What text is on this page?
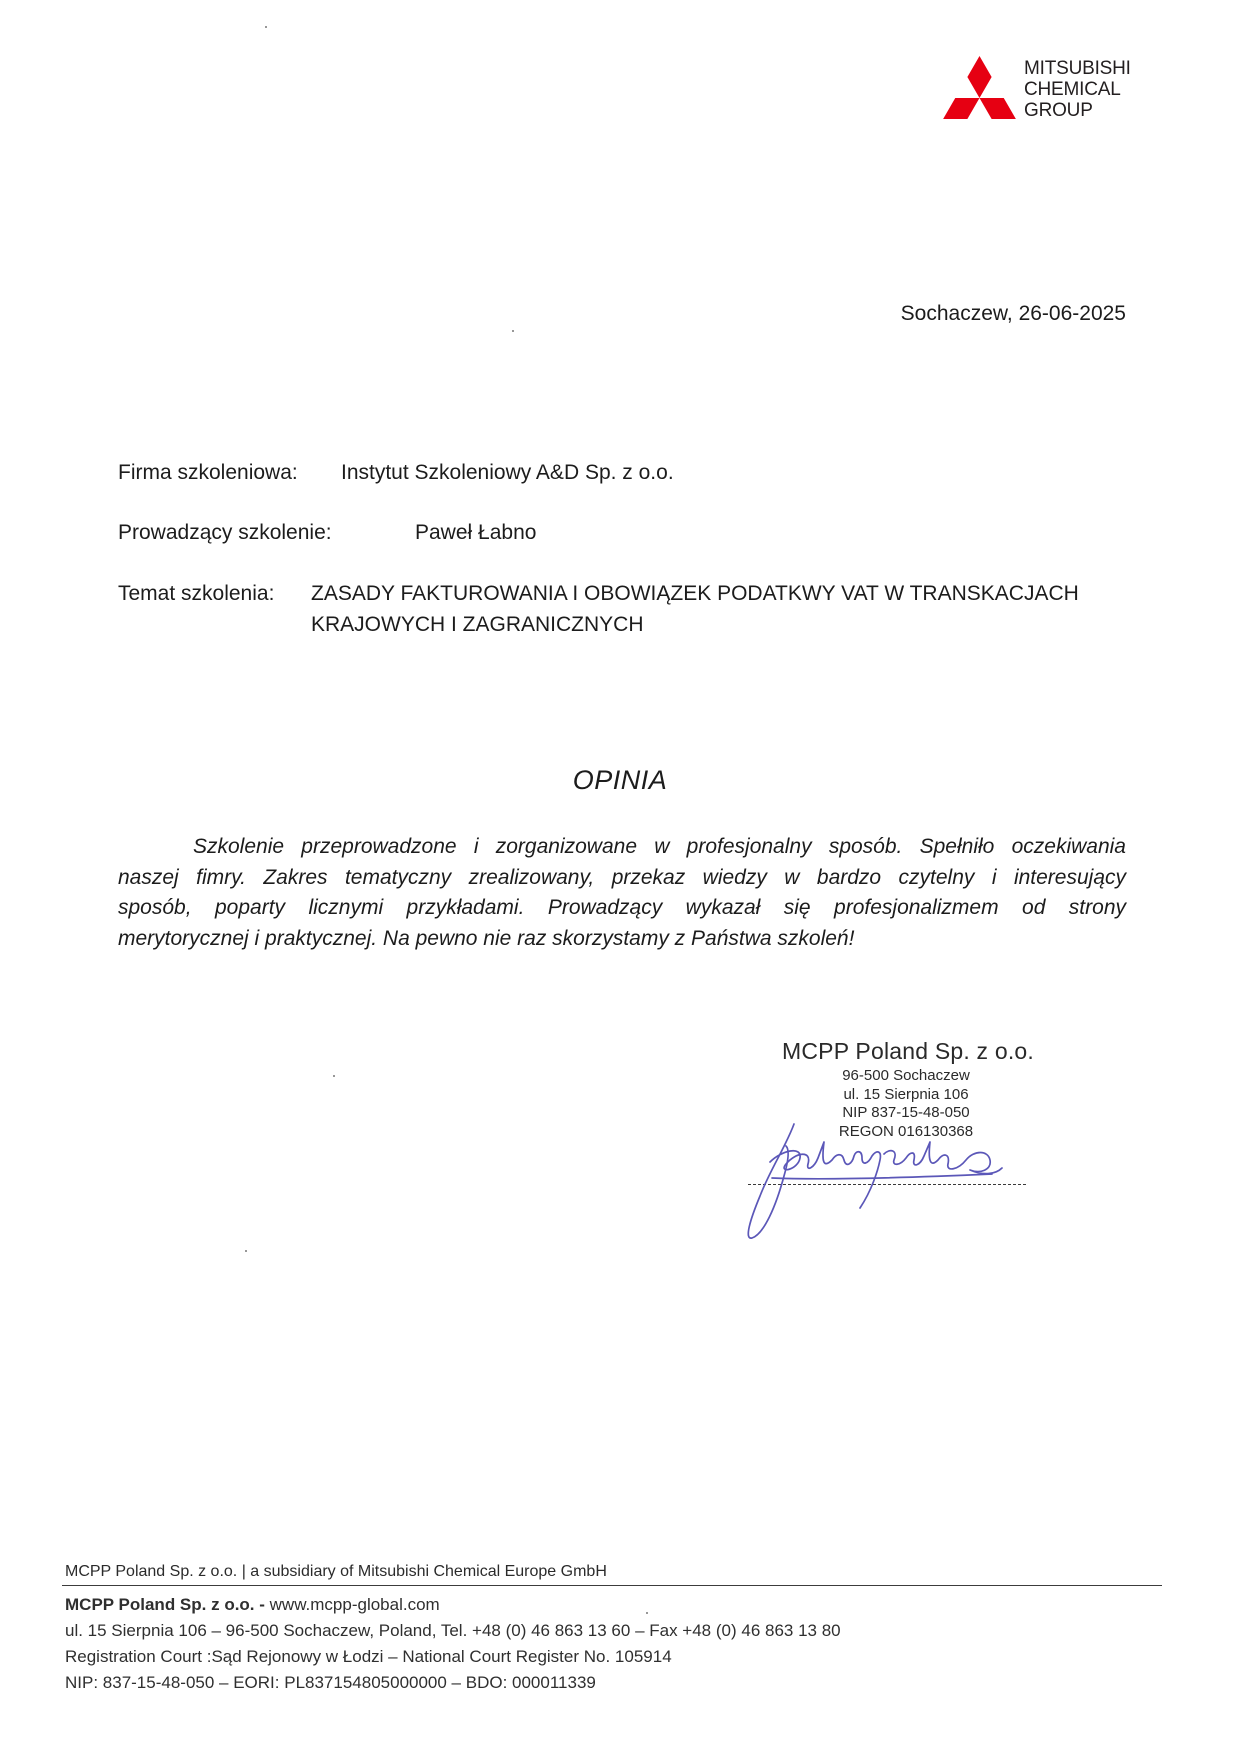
MITSUBISHI
CHEMICAL
GROUP
Sochaczew, 26-06-2025
Firma szkoleniowa: Instytut Szkoleniowy A&D Sp. z o.o.
Prowadzący szkolenie:	Paweł Łabno
Temat szkolenia: ZASADY FAKTUROWANIA I OBOWIĄZEK PODATKWY VAT W TRANSKACJACH
KRAJOWYCH I ZAGRANICZNYCH
OPINIA
Szkolenie przeprowadzone i zorganizowane w profesjonalny sposób. Spełniło oczekiwania
naszej fimry. Zakres tematyczny zrealizowany, przekaz wiedzy w bardzo czytelny i interesujący
sposób, poparty licznymi przykładami. Prowadzący wykazał się profesjonalizmem od strony
merytorycznej i praktycznej. Na pewno nie raz skorzystamy z Państwa szkoleń!
MCPP Poland Sp. z o.o.
96-500 Sochaczew
ul. 15 Sierpnia 106
NIP 837-15-48-050
REGON 016130368
MCPP Poland Sp. z o.o. | a subsidiary of Mitsubishi Chemical Europe GmbH
MCPP Poland Sp. z o.o. - www.mcpp-global.com
ul. 15 Sierpnia 106 – 96-500 Sochaczew, Poland, Tel. +48 (0) 46 863 13 60 – Fax +48 (0) 46 863 13 80
Registration Court :Sąd Rejonowy w Łodzi – National Court Register No. 105914
NIP: 837-15-48-050 – EORI: PL837154805000000 – BDO: 000011339
